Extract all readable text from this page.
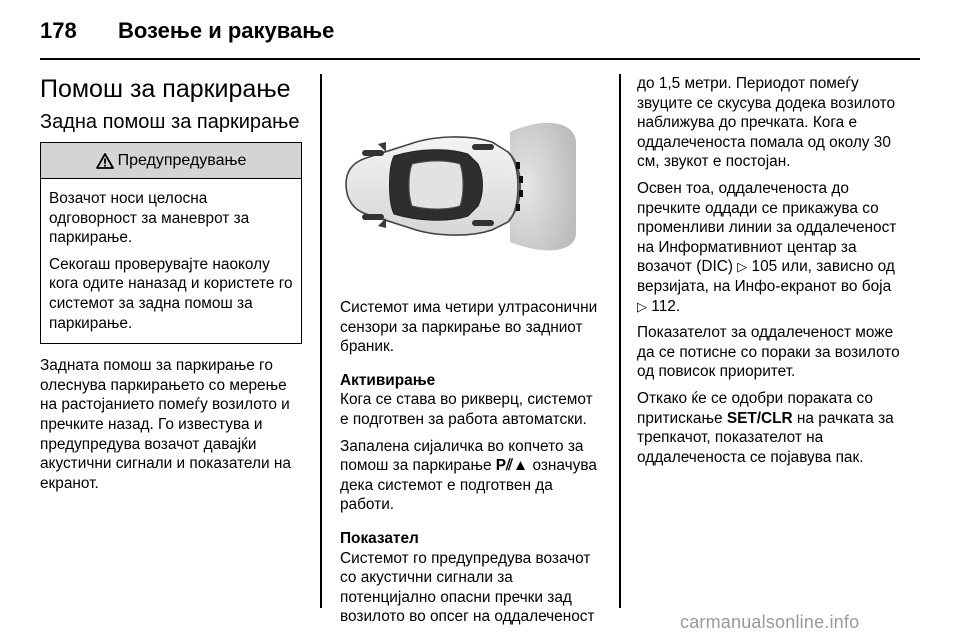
178 Возење и ракување
Помош за паркирање
Задна помош за паркирање
Предупредување

Возачот носи целосна одговорност за маневрот за паркирање.

Секогаш проверувајте наоколу кога одите наназад и користете го системот за задна помош за паркирање.

Задната помош за паркирање го олеснува паркирањето со мерење на растојанието помеѓу возилото и пречките назад. Го известува и предупредува возачот давајќи акустични сигнали и показатели на екранот.

Системот има четири ултрасонични сензори за паркирање во задниот браник.

Активирање
Кога се става во рикверц, системот е подготвен за работа автоматски.

Запалена сијаличка во копчето за помош за паркирање P⫽▲ означува дека системот е подготвен да работи.

Показател
Системот го предупредува возачот со акустични сигнали за потенцијално опасни пречки зад возилото во опсег на оддалеченост

до 1,5 метри. Периодот помеѓу звуците се скусува додека возилото наближува до пречката. Кога е оддалеченоста помала од околу 30 см, звукот е постојан.

Освен тоа, оддалеченоста до пречките оддади се прикажува со променливи линии за оддалеченост на Информативниот центар за возачот (DIC) ▷ 105 или, зависно од верзијата, на Инфо-екранот во боја ▷ 112.

Показателот за оддалеченост може да се потисне со пораки за возилото од повисок приоритет.

Откако ќе се одобри пораката со притискање SET/CLR на рачката за трепкачот, показателот на оддалеченоста се појавува пак.

carmanualsonline.info
